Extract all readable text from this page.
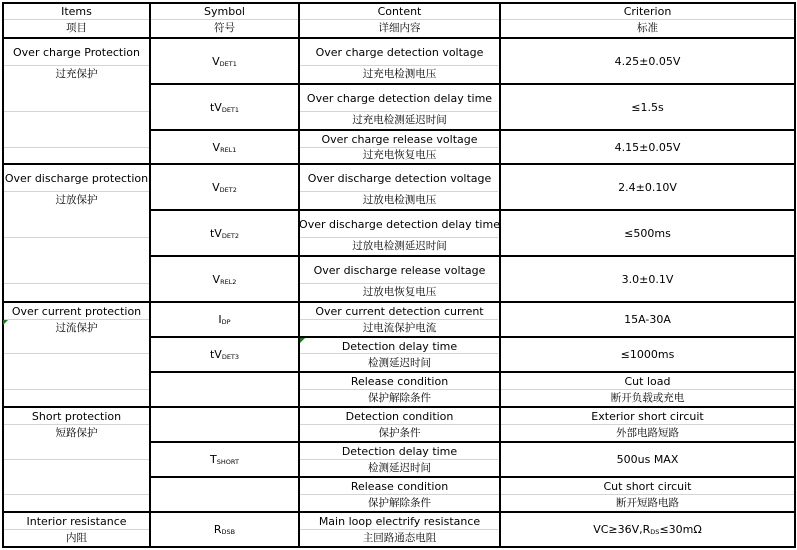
Items
项目
Symbol
符号
Content
详细内容
Criterion
标准
Over charge Protection
过充保护
V DET1
Over charge detection voltage
过充电检测电压
4.25±0.05V
t V DET1
Over charge detection delay time
过充电检测延迟时间
≤1.5s
V REL1
Over charge release voltage
过充电恢复电压
4.15±0.05V
Over discharge protection
过放保护
V DET2
Over discharge detection voltage
过放电检测电压
2.4±0.10V
t V DET2
Over discharge detection delay time
过放电检测延迟时间
≤500ms
V REL2
Over discharge release voltage
过放电恢复电压
3.0±0.1V
Over current protection
过流保护
I DP
Over current detection current
过电流保护电流
15A-30A
t V DET3
Detection delay time
检测延迟时间
≤1000ms
Release condition
保护解除条件
Cut load
断开负载或充电
Short protection
短路保护
Detection condition
保护条件
Exterior short circuit
外部电路短路
T SHORT
Detection delay time
检测延迟时间
500us MAX
Release condition
保护解除条件
Cut short circuit
断开短路电路
Interior resistance
内阻
R DSB
Main loop electrify resistance
主回路通态电阻
VC≥36V,R DS ≤30mΩ
